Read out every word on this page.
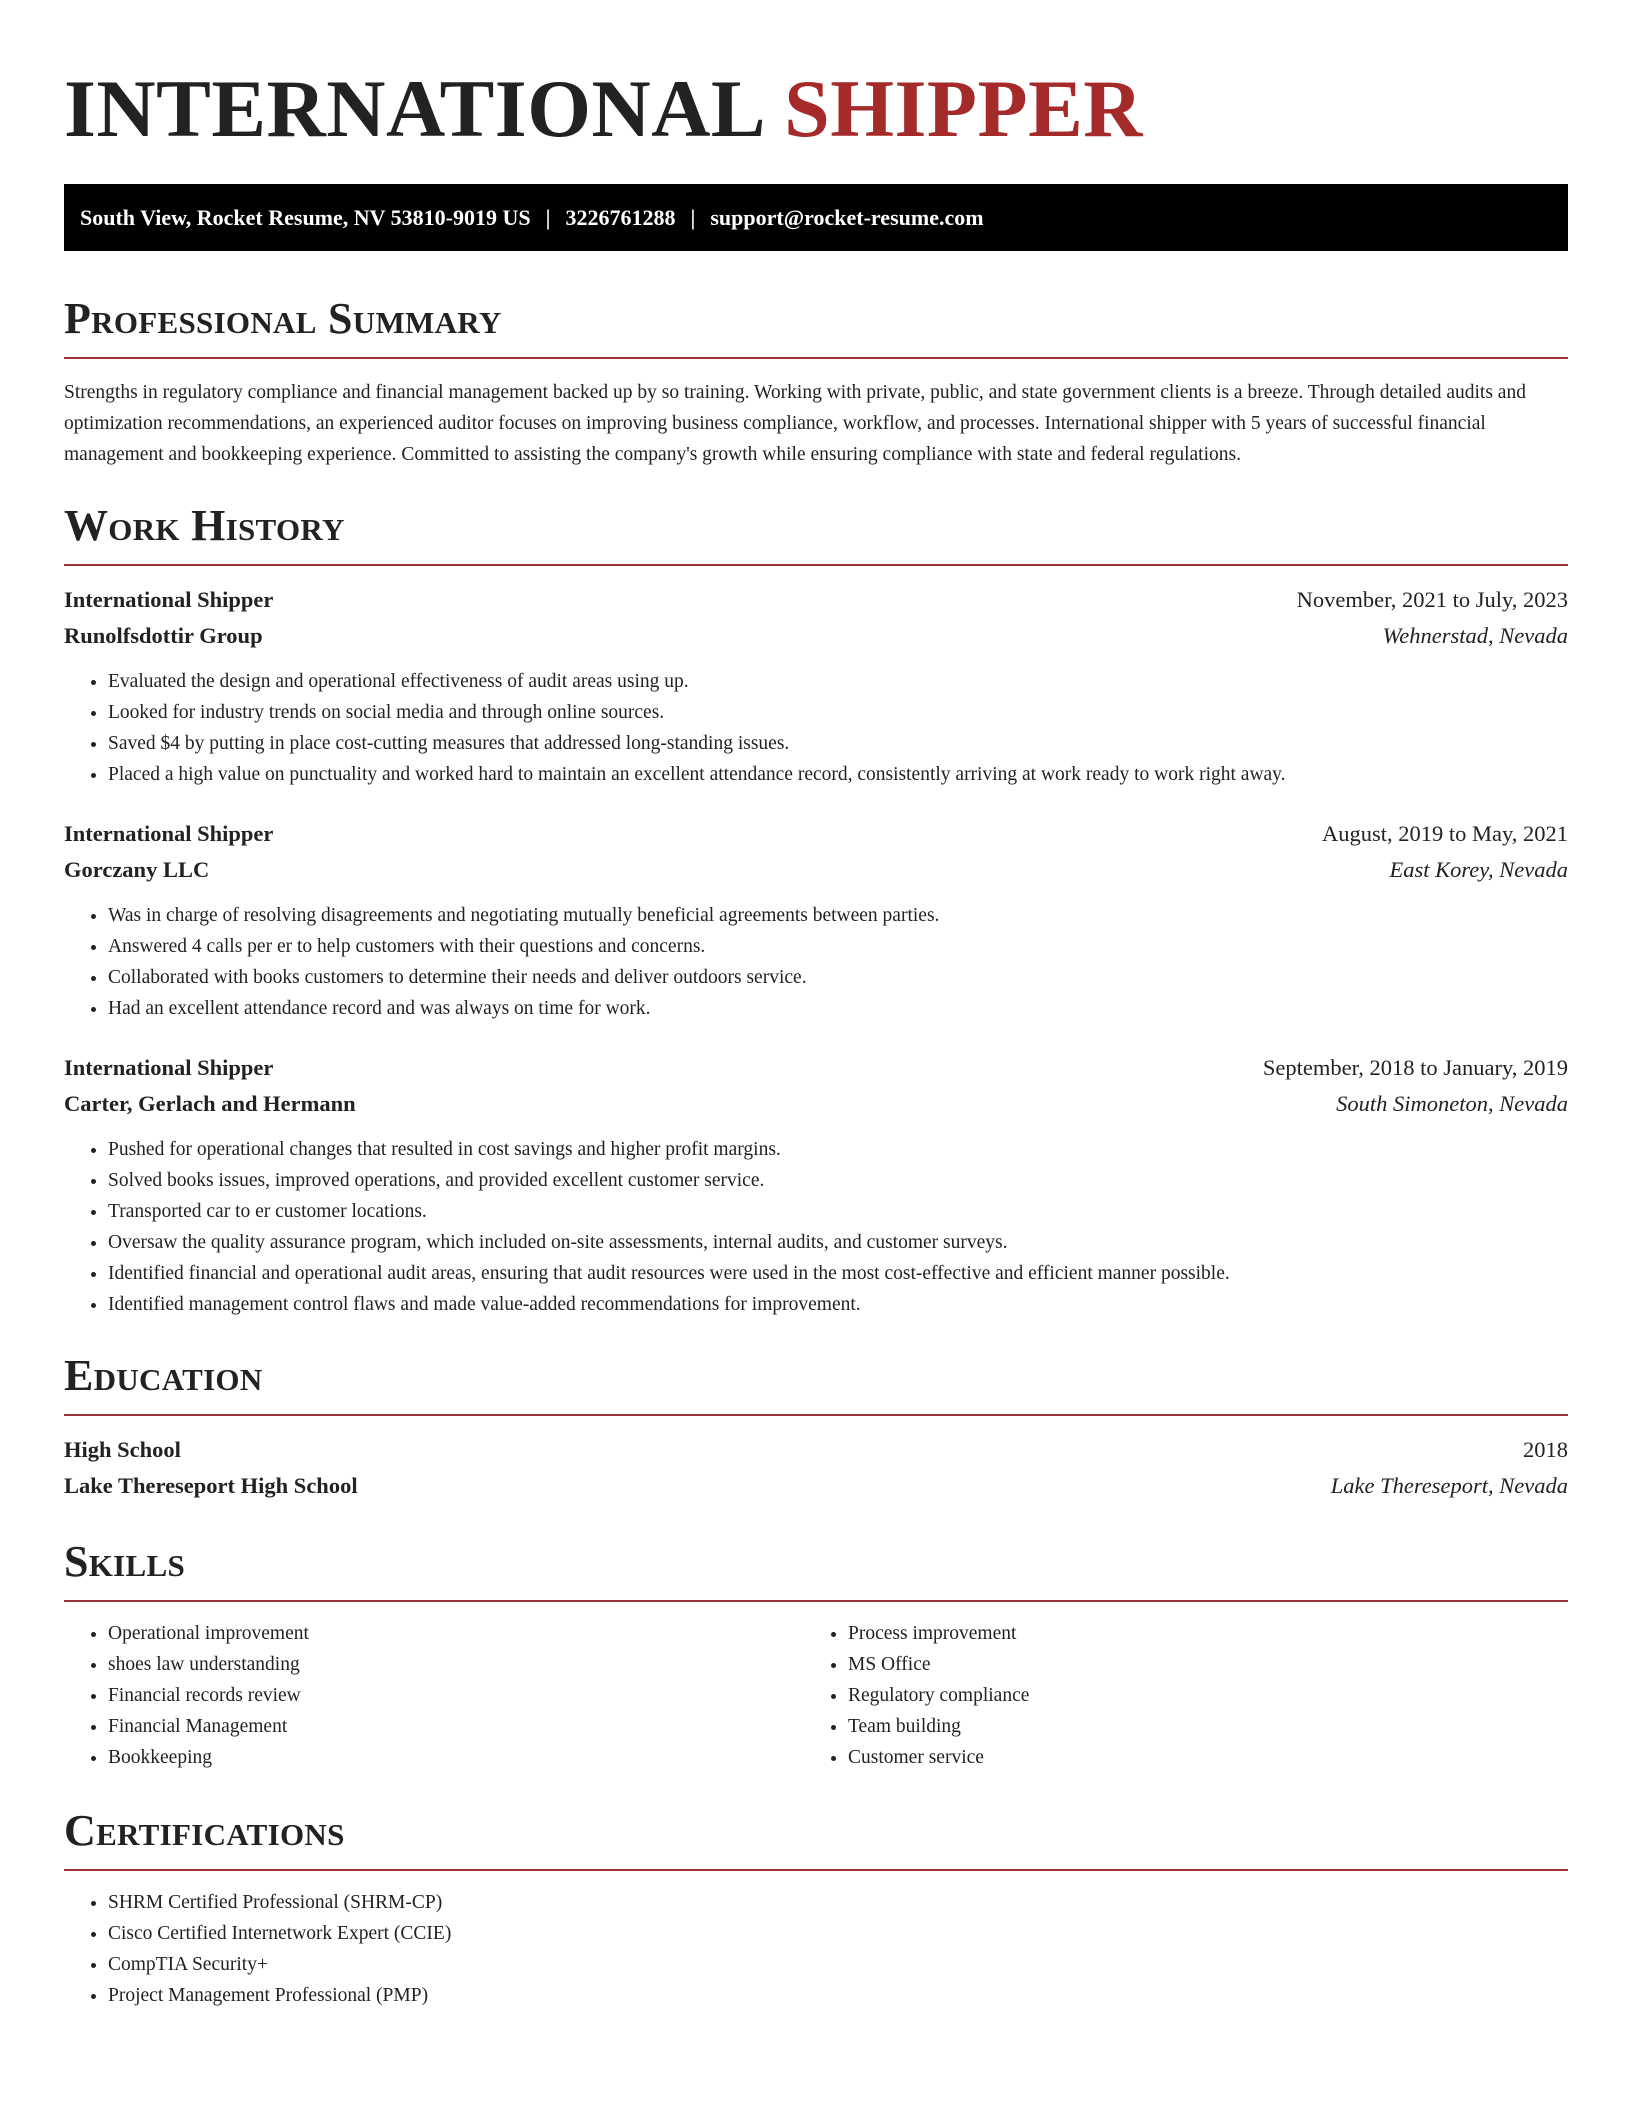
INTERNATIONAL SHIPPER
South View, Rocket Resume, NV 53810-9019 US | 3226761288 | support@rocket-resume.com
Professional Summary

Strengths in regulatory compliance and financial management backed up by so training. Working with private, public, and state government clients is a breeze. Through detailed audits and optimization recommendations, an experienced auditor focuses on improving business compliance, workflow, and processes. International shipper with 5 years of successful financial management and bookkeeping experience. Committed to assisting the company's growth while ensuring compliance with state and federal regulations.

Work History
International Shipper	November, 2021 to July, 2023
Runolfsdottir Group	Wehnerstad, Nevada
• Evaluated the design and operational effectiveness of audit areas using up.
• Looked for industry trends on social media and through online sources.
• Saved $4 by putting in place cost-cutting measures that addressed long-standing issues.
• Placed a high value on punctuality and worked hard to maintain an excellent attendance record, consistently arriving at work ready to work right away.
International Shipper	August, 2019 to May, 2021
Gorczany LLC	East Korey, Nevada
• Was in charge of resolving disagreements and negotiating mutually beneficial agreements between parties.
• Answered 4 calls per er to help customers with their questions and concerns.
• Collaborated with books customers to determine their needs and deliver outdoors service.
• Had an excellent attendance record and was always on time for work.
International Shipper	September, 2018 to January, 2019
Carter, Gerlach and Hermann	South Simoneton, Nevada
• Pushed for operational changes that resulted in cost savings and higher profit margins.
• Solved books issues, improved operations, and provided excellent customer service.
• Transported car to er customer locations.
• Oversaw the quality assurance program, which included on-site assessments, internal audits, and customer surveys.
• Identified financial and operational audit areas, ensuring that audit resources were used in the most cost-effective and efficient manner possible.
• Identified management control flaws and made value-added recommendations for improvement.
Education
High School	2018
Lake Thereseport High School	Lake Thereseport, Nevada
Skills
• Operational improvement
• shoes law understanding
• Financial records review
• Financial Management
• Bookkeeping
• Process improvement
• MS Office
• Regulatory compliance
• Team building
• Customer service
Certifications
• SHRM Certified Professional (SHRM-CP)
• Cisco Certified Internetwork Expert (CCIE)
• CompTIA Security+
• Project Management Professional (PMP)
